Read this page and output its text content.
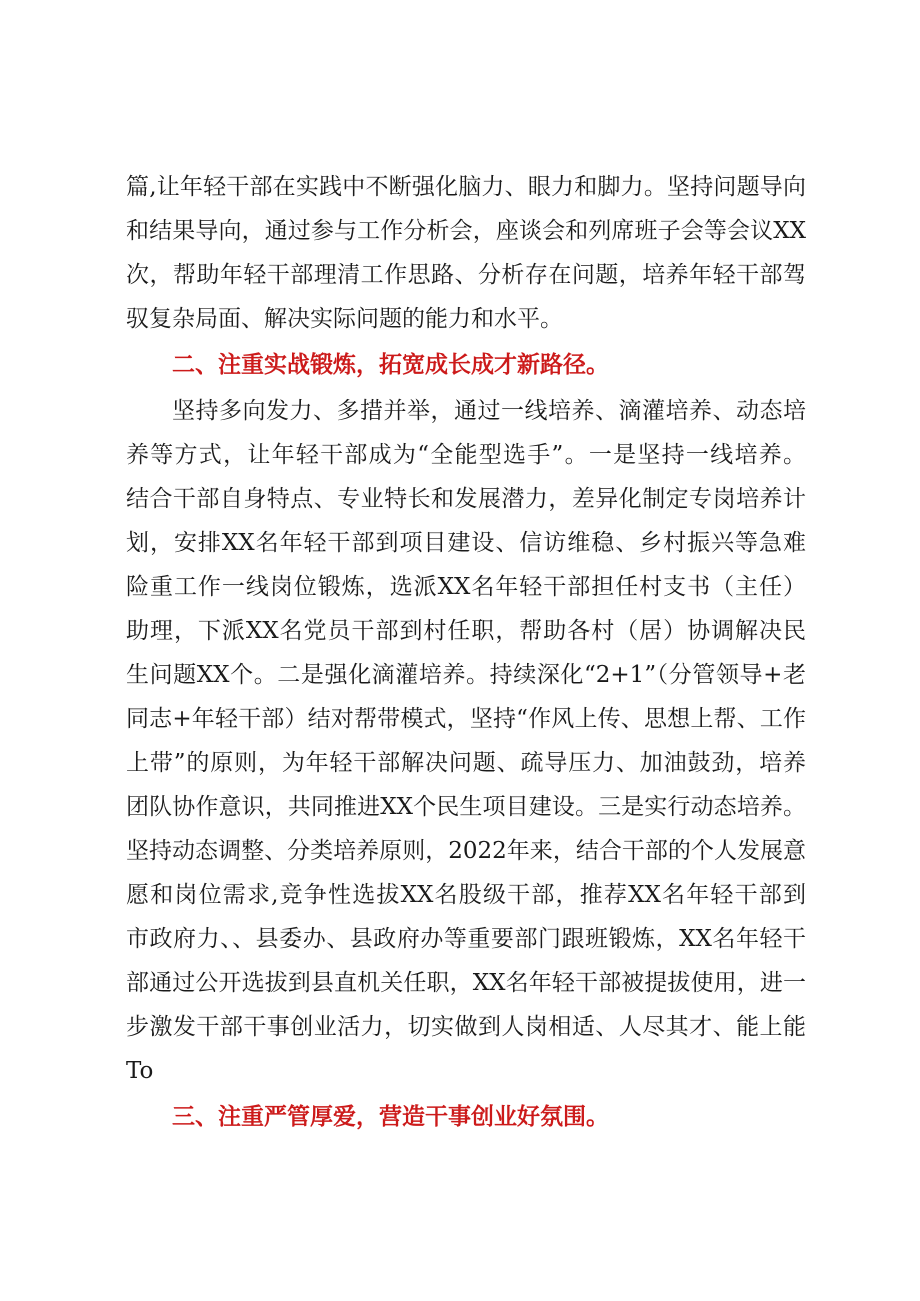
篇,让年轻干部在实践中不断强化脑力、眼力和脚力。坚持问题导向
和结果导向，通过参与工作分析会，座谈会和列席班子会等会议XX
次，帮助年轻干部理清工作思路、分析存在问题，培养年轻干部驾
驭复杂局面、解决实际问题的能力和水平。
二、注重实战锻炼，拓宽成长成才新路径。
坚持多向发力、多措并举，通过一线培养、滴灌培养、动态培
养等方式，让年轻干部成为“全能型选手”。一是坚持一线培养。
结合干部自身特点、专业特长和发展潜力，差异化制定专岗培养计
划，安排XX名年轻干部到项目建设、信访维稳、乡村振兴等急难
险重工作一线岗位锻炼，选派XX名年轻干部担任村支书（主任）
助理，下派XX名党员干部到村任职，帮助各村（居）协调解决民
生问题XX个。二是强化滴灌培养。持续深化“2+1”（分管领导+老
同志+年轻干部）结对帮带模式，坚持“作风上传、思想上帮、工作
上带”的原则，为年轻干部解决问题、疏导压力、加油鼓劲，培养
团队协作意识，共同推进XX个民生项目建设。三是实行动态培养。
坚持动态调整、分类培养原则，2022年来，结合干部的个人发展意
愿和岗位需求,竞争性选拔XX名股级干部，推荐XX名年轻干部到
市政府力、、县委办、县政府办等重要部门跟班锻炼，XX名年轻干
部通过公开选拔到县直机关任职，XX名年轻干部被提拔使用，进一
步激发干部干事创业活力，切实做到人岗相适、人尽其才、能上能
To
三、注重严管厚爱，营造干事创业好氛围。
